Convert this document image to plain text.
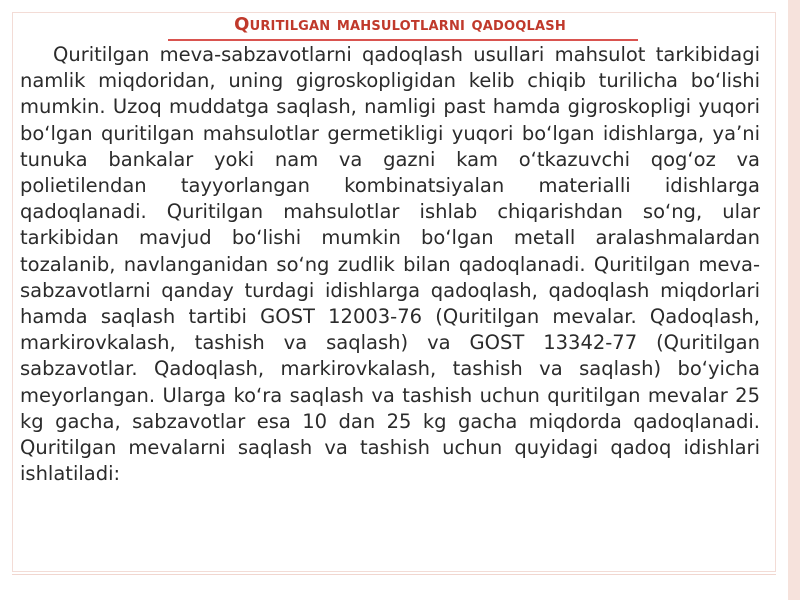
Quritilgan mahsulotlarni qadoqlash

Quritilgan meva-sabzavotlarni qadoqlash usullari mahsulot tarkibidagi namlik miqdoridan, uning gigroskopligidan kelib chiqib turilicha boʻlishi mumkin. Uzoq muddatga saqlash, namligi past hamda gigroskopligi yuqori boʻlgan quritilgan mahsulotlar germetikligi yuqori boʻlgan idishlarga, yaʼni tunuka bankalar yoki nam va gazni kam oʻtkazuvchi qogʻoz va polietilendan tayyorlangan kombinatsiyalan materialli idishlarga qadoqlanadi. Quritilgan mahsulotlar ishlab chiqarishdan soʻng, ular tarkibidan mavjud boʻlishi mumkin boʻlgan metall aralashmalardan tozalanib, navlanganidan soʻng zudlik bilan qadoqlanadi. Quritilgan meva-sabzavotlarni qanday turdagi idishlarga qadoqlash, qadoqlash miqdorlari hamda saqlash tartibi GOST 12003-76 (Quritilgan mevalar. Qadoqlash, markirovkalash, tashish va saqlash) va GOST 13342-77 (Quritilgan sabzavotlar. Qadoqlash, markirovkalash, tashish va saqlash) boʻyicha meyorlangan. Ularga koʻra saqlash va tashish uchun quritilgan mevalar 25 kg gacha, sabzavotlar esa 10 dan 25 kg gacha miqdorda qadoqlanadi. Quritilgan mevalarni saqlash va tashish uchun quyidagi qadoq idishlari ishlatiladi:
